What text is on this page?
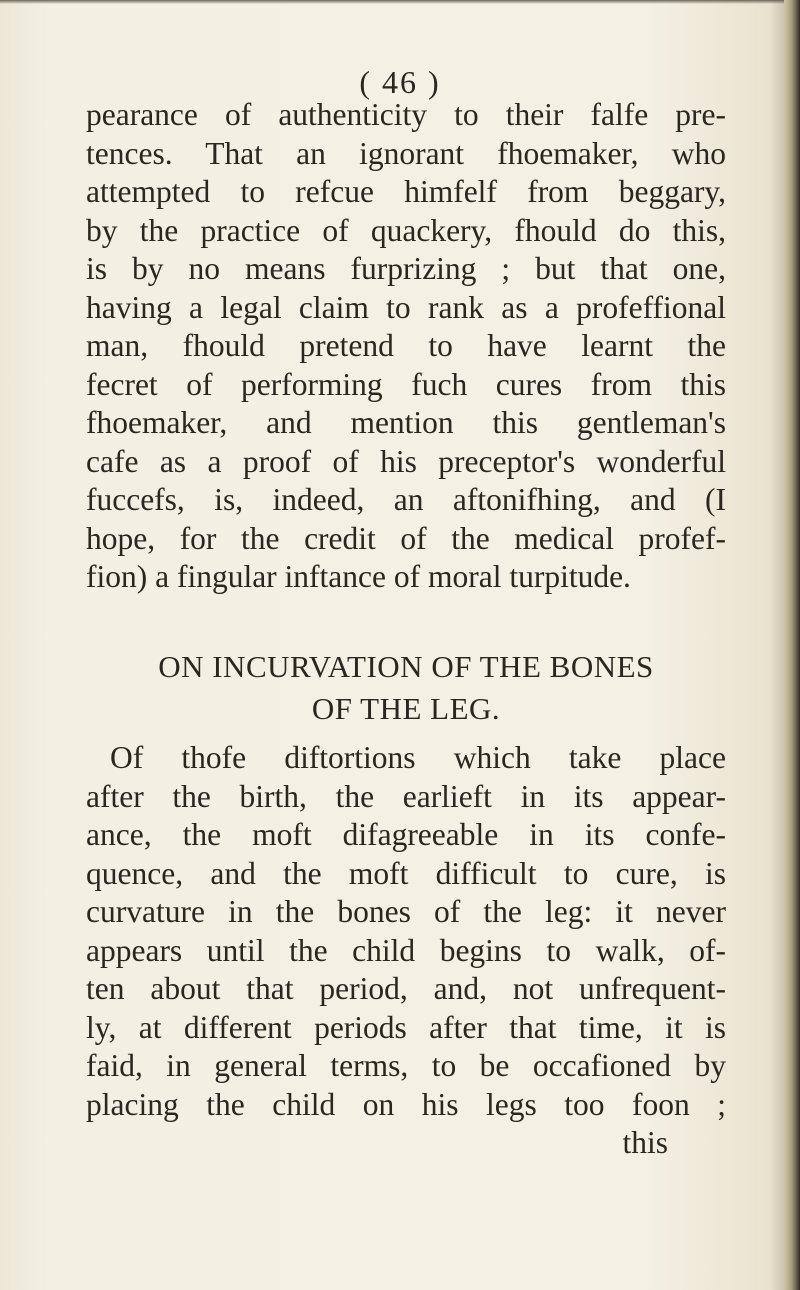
( 46 )
pearance of authenticity to their falfe pre-
tences. That an ignorant fhoemaker, who
attempted to refcue himfelf from beggary,
by the practice of quackery, fhould do this,
is by no means furprizing ; but that one,
having a legal claim to rank as a profeffional
man, fhould pretend to have learnt the
fecret of performing fuch cures from this
fhoemaker, and mention this gentleman's
cafe as a proof of his preceptor's wonderful
fuccefs, is, indeed, an aftonifhing, and (I
hope, for the credit of the medical profef-
fion) a fingular inftance of moral turpitude.
ON INCURVATION OF THE BONES
OF THE LEG.
Of thofe diftortions which take place
after the birth, the earlieft in its appear-
ance, the moft difagreeable in its confe-
quence, and the moft difficult to cure, is
curvature in the bones of the leg: it never
appears until the child begins to walk, of-
ten about that period, and, not unfrequent-
ly, at different periods after that time, it is
faid, in general terms, to be occafioned by
placing the child on his legs too foon ;
this
